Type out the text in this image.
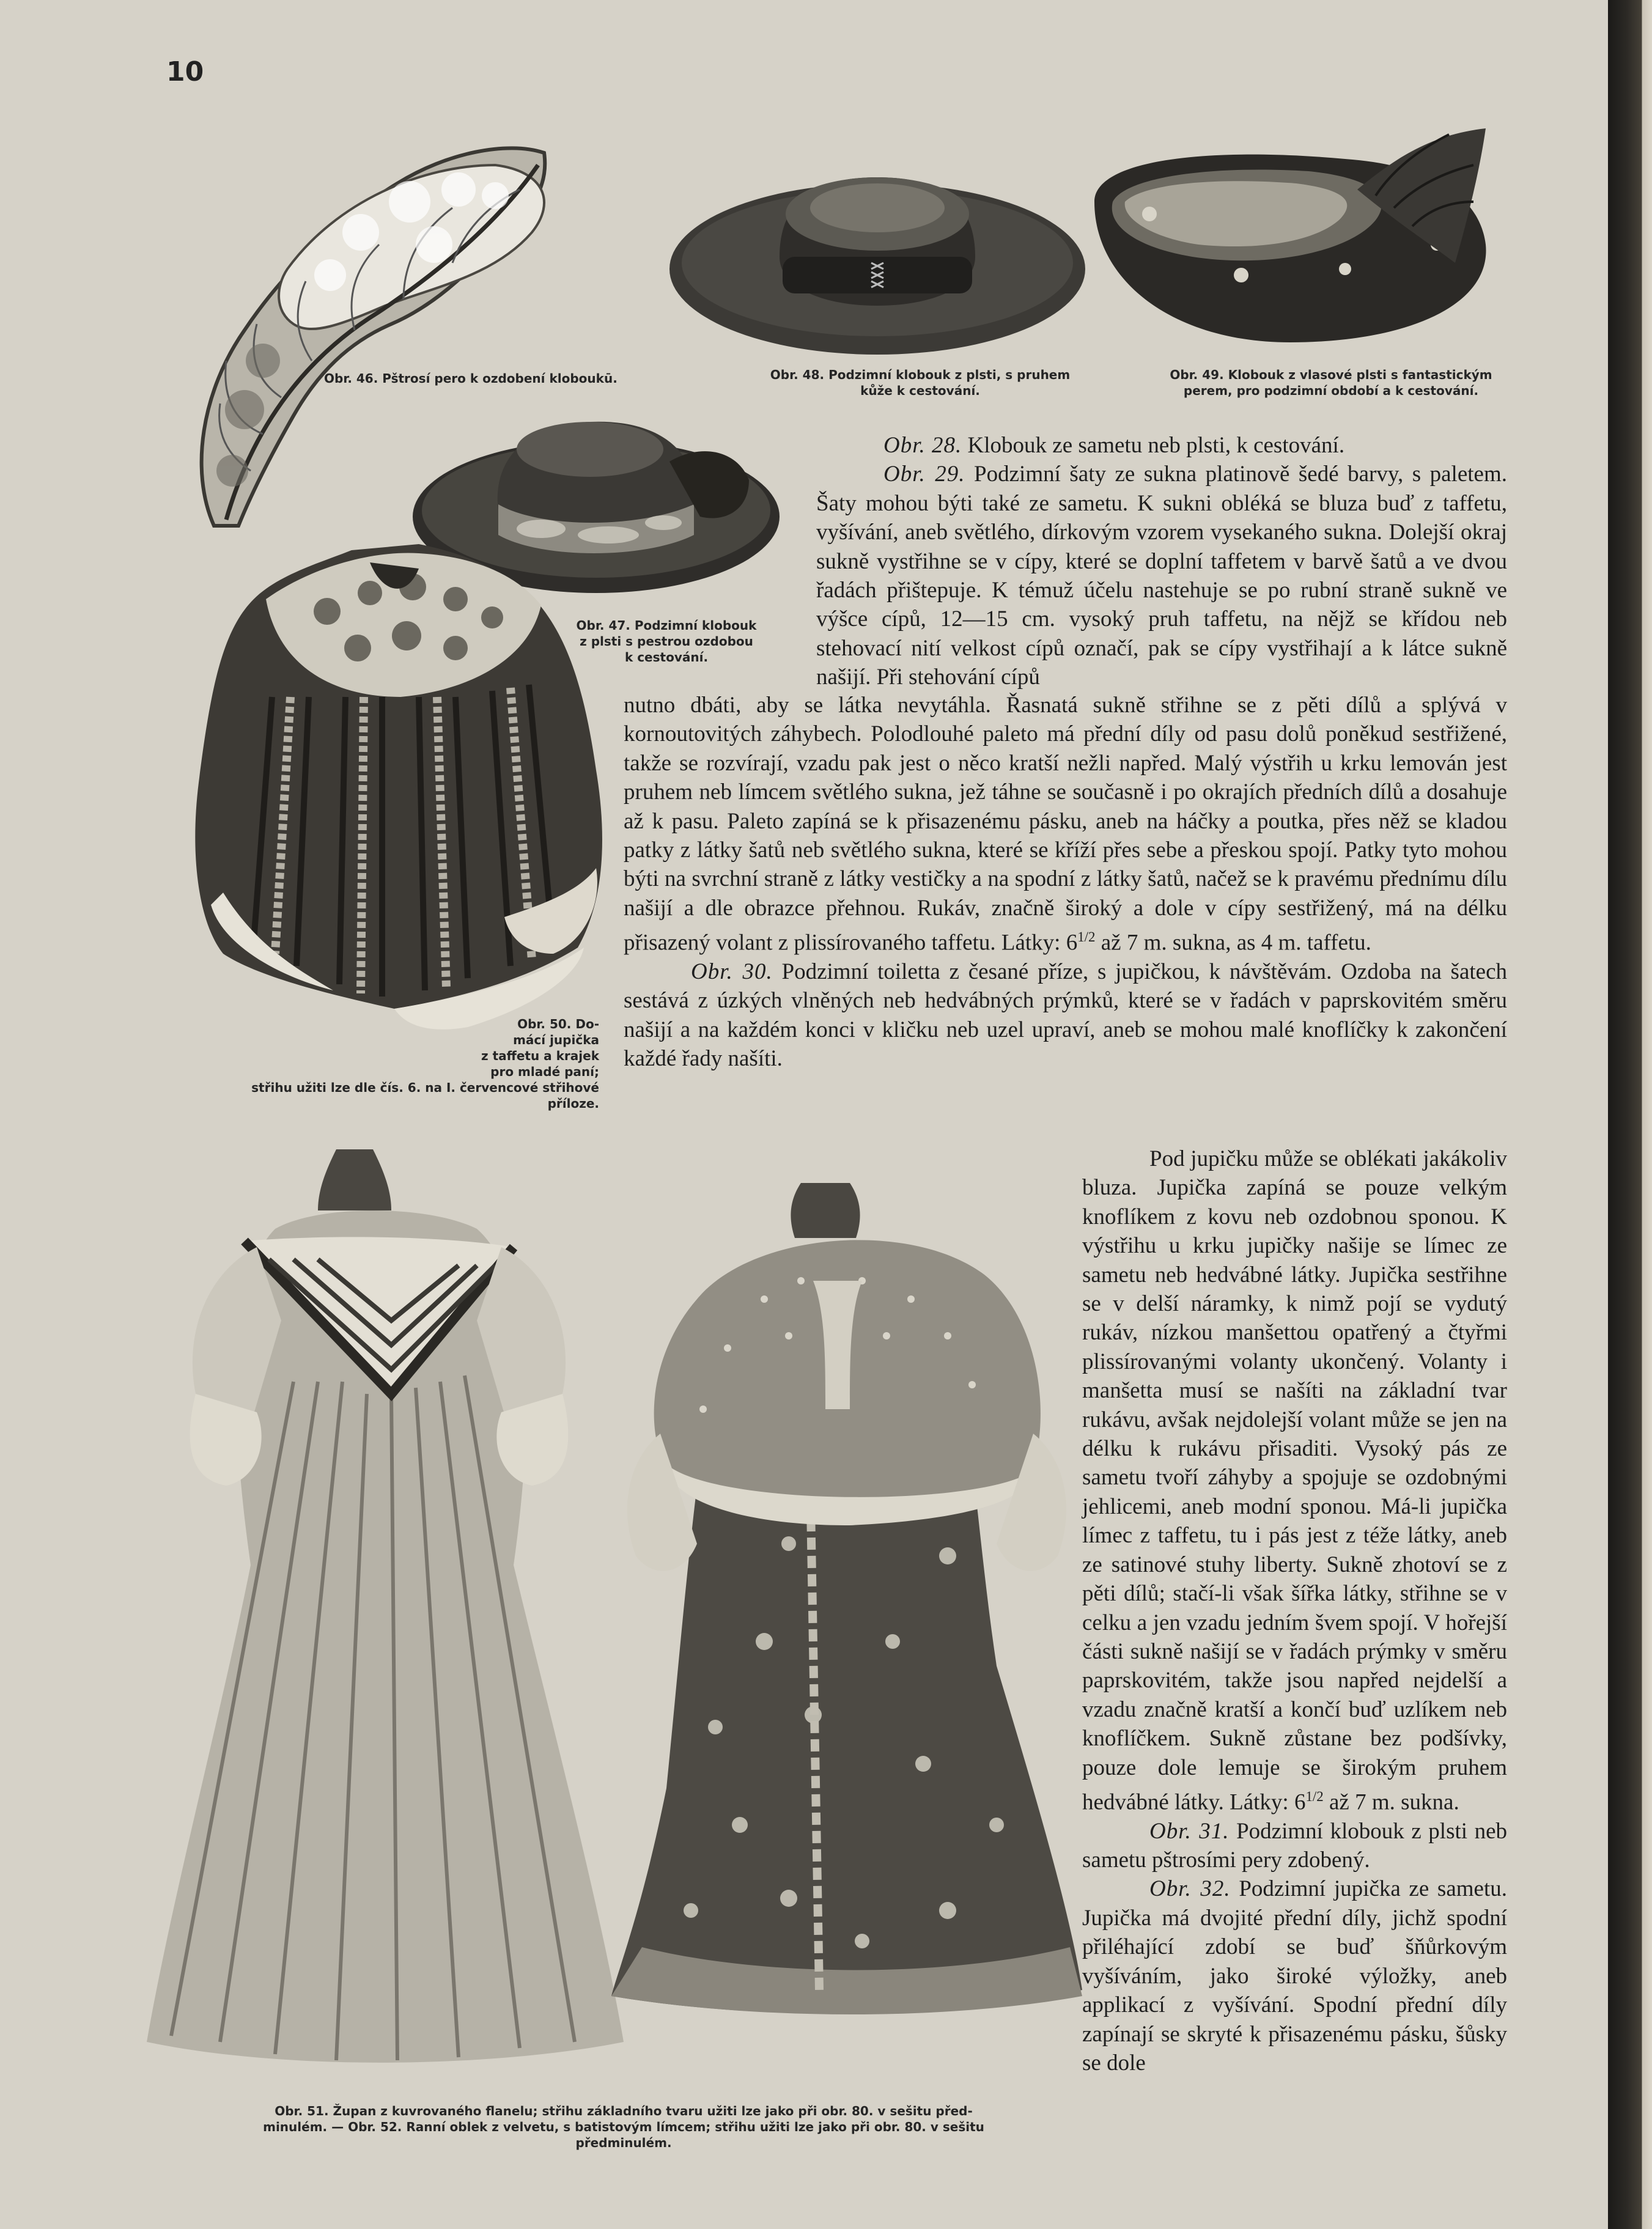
10
Obr. 46. Pštrosí pero k ozdobení kloboukū.	Obr. 48. Podzimní klobouk z plsti, s pruhem
kůže k cestování.
Obr. 49. Klobouk z vlasové plsti s fantastickým
perem, pro podzimní období a k cestování.
Obr. 47. Podzimní klobouk
z plsti s pestrou ozdobou
k cestování.
Obr. 50. Do-
mácí jupička
z taffetu a krajek
pro mladé paní;
střihu užiti lze dle čís. 6. na I. červencové střihové
příloze.
Obr. 51. Župan z kuvrovaného flanelu; střihu základního tvaru užiti lze jako při obr. 80. v sešitu před-
minulém. — Obr. 52. Ranní oblek z velvetu, s batistovým límcem; střihu užiti lze jako při obr. 80. v sešitu
předminulém.

Obr. 28. Klobouk ze sametu neb plsti, k cestování.

Obr. 29. Podzimní šaty ze sukna platinově šedé barvy, s paletem. Šaty mohou býti také ze sametu. K sukni obléká se bluza buď z taffetu, vyšívání, aneb světlého, dírkovým vzorem vysekaného sukna. Dolejší okraj sukně vystřihne se v cípy, které se doplní taffetem v barvě šatů a ve dvou řadách přištepuje. K témuž účelu nastehuje se po rubní straně sukně ve výšce cípů, 12—15 cm. vysoký pruh taffetu, na nějž se křídou neb stehovací nití velkost cípů označí, pak se cípy vystřihají a k látce sukně našijí. Při stehování cípů

nutno dbáti, aby se látka nevytáhla. Řasnatá sukně střihne se z pěti dílů a splývá v kornoutovitých záhybech. Polodlouhé paleto má přední díly od pasu dolů poněkud sestřižené, takže se rozvírají, vzadu pak jest o něco kratší nežli napřed. Malý výstřih u krku lemován jest pruhem neb límcem světlého sukna, jež táhne se současně i po okrajích předních dílů a dosahuje až k pasu. Paleto zapíná se k přisazenému pásku, aneb na háčky a poutka, přes něž se kladou patky z látky šatů neb světlého sukna, které se kříží přes sebe a přeskou spojí. Patky tyto mohou býti na svrchní straně z látky vestičky a na spodní z látky šatů, načež se k pravému přednímu dílu našijí a dle obrazce přehnou. Rukáv, značně široký a dole v cípy sestřižený, má na délku přisazený volant z plissírovaného taffetu. Látky: $6^{1/2}$ až 7 m. sukna, as 4 m. taffetu.

Obr. 30. Podzimní toiletta z česané příze, s jupičkou, k návštěvám. Ozdoba na šatech sestává z úzkých vlněných neb hedvábných prýmků, které se v řadách v paprskovitém směru našijí a na každém konci v kličku neb uzel upraví, aneb se mohou malé knoflíčky k zakončení každé řady našíti.

Pod jupičku může se oblékati jakákoliv bluza. Jupička zapíná se pouze velkým knoflíkem z kovu neb ozdobnou sponou. K výstřihu u krku jupičky našije se límec ze sametu neb hedvábné látky. Jupička sestřihne se v delší náramky, k nimž pojí se vydutý rukáv, nízkou manšettou opatřený a čtyřmi plissírovanými volanty ukončený. Volanty i manšetta musí se našíti na základní tvar rukávu, avšak nejdolejší volant může se jen na délku k rukávu přisaditi. Vysoký pás ze sametu tvoří záhyby a spojuje se ozdobnými jehlicemi, aneb modní sponou. Má-li jupička límec z taffetu, tu i pás jest z téže látky, aneb ze satinové stuhy liberty. Sukně zhotoví se z pěti dílů; stačí-li však šířka látky, střihne se v celku a jen vzadu jedním švem spojí. V hořejší části sukně našijí se v řadách prýmky v směru paprskovitém, takže jsou napřed nejdelší a vzadu značně kratší a končí buď uzlíkem neb knoflíčkem. Sukně zůstane bez podšívky, pouze dole lemuje se širokým pruhem hedvábné látky. Látky: $6^{1/2}$ až 7 m. sukna.

Obr. 31. Podzimní klobouk z plsti neb sametu pštrosími pery zdobený.

Obr. 32. Podzimní jupička ze sametu. Jupička má dvojité přední díly, jichž spodní přiléhající zdobí se buď šňůrkovým vyšíváním, jako široké výložky, aneb applikací z vyšívání. Spodní přední díly zapínají se skryté k přisazenému pásku, šůsky se dole
